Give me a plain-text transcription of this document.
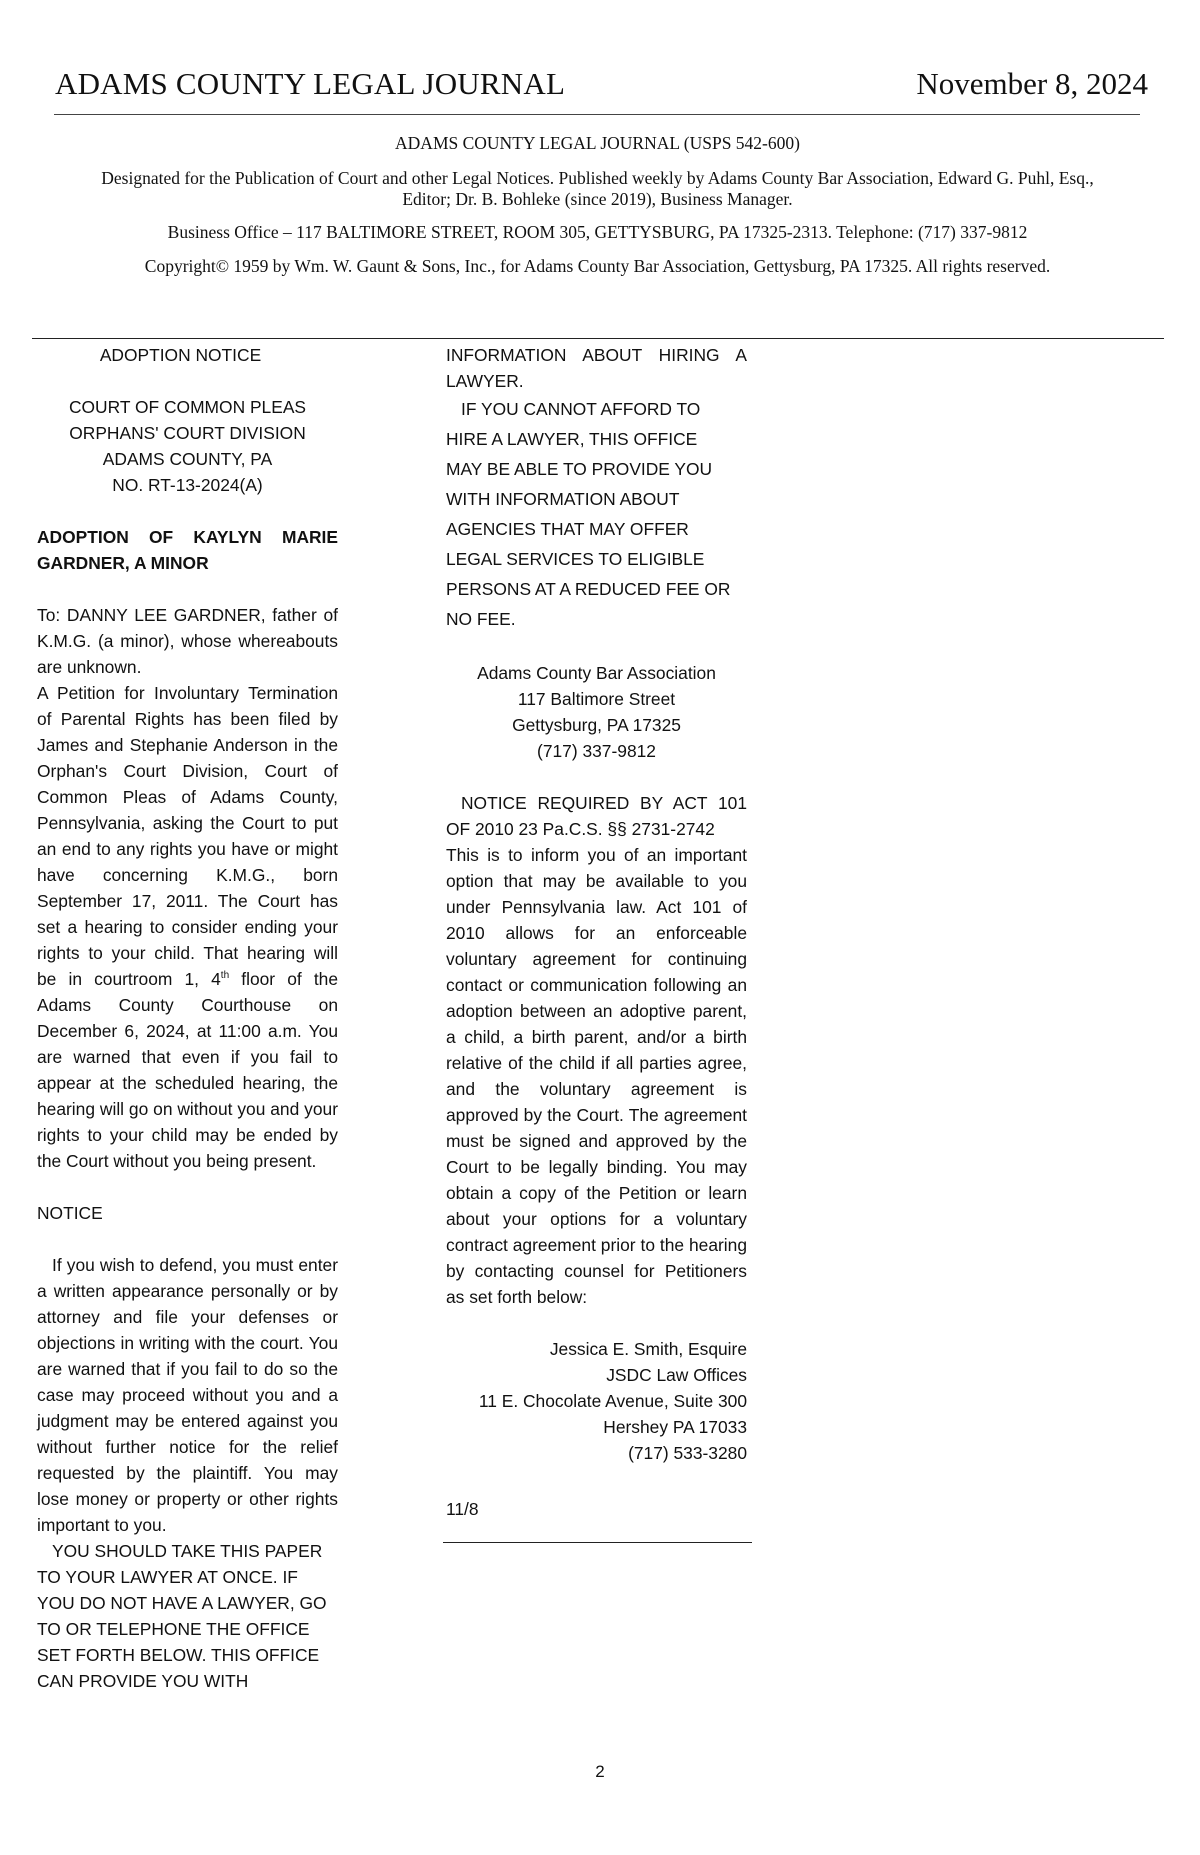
ADAMS COUNTY LEGAL JOURNAL	November 8, 2024
ADAMS COUNTY LEGAL JOURNAL (USPS 542-600)
Designated for the Publication of Court and other Legal Notices. Published weekly by Adams County Bar Association, Edward G. Puhl, Esq., Editor; Dr. B. Bohleke (since 2019), Business Manager.
Business Office – 117 BALTIMORE STREET, ROOM 305, GETTYSBURG, PA 17325-2313. Telephone: (717) 337-9812
Copyright© 1959 by Wm. W. Gaunt & Sons, Inc., for Adams County Bar Association, Gettysburg, PA 17325. All rights reserved.

ADOPTION NOTICE

COURT OF COMMON PLEAS

ORPHANS' COURT DIVISION

ADAMS COUNTY, PA

NO. RT-13-2024(A)

ADOPTION OF KAYLYN MARIE GARDNER, A MINOR

To: DANNY LEE GARDNER, father of K.M.G. (a minor), whose whereabouts are unknown.

A Petition for Involuntary Termination of Parental Rights has been filed by James and Stephanie Anderson in the Orphan's Court Division, Court of Common Pleas of Adams County, Pennsylvania, asking the Court to put an end to any rights you have or might have concerning K.M.G., born September 17, 2011. The Court has set a hearing to consider ending your rights to your child. That hearing will be in courtroom 1, 4th floor of the Adams County Courthouse on December 6, 2024, at 11:00 a.m. You are warned that even if you fail to appear at the scheduled hearing, the hearing will go on without you and your rights to your child may be ended by the Court without you being present.

NOTICE

If you wish to defend, you must enter a written appearance personally or by attorney and file your defenses or objections in writing with the court. You are warned that if you fail to do so the case may proceed without you and a judgment may be entered against you without further notice for the relief requested by the plaintiff. You may lose money or property or other rights important to you.

YOU SHOULD TAKE THIS PAPER

TO YOUR LAWYER AT ONCE. IF

YOU DO NOT HAVE A LAWYER, GO

TO OR TELEPHONE THE OFFICE

SET FORTH BELOW. THIS OFFICE

CAN PROVIDE YOU WITH

INFORMATION ABOUT HIRING A LAWYER.

IF YOU CANNOT AFFORD TO

HIRE A LAWYER, THIS OFFICE

MAY BE ABLE TO PROVIDE YOU

WITH INFORMATION ABOUT

AGENCIES THAT MAY OFFER

LEGAL SERVICES TO ELIGIBLE

PERSONS AT A REDUCED FEE OR

NO FEE.

Adams County Bar Association

117 Baltimore Street

Gettysburg, PA 17325

(717) 337-9812

NOTICE REQUIRED BY ACT 101 OF 2010 23 Pa.C.S. §§ 2731-2742

This is to inform you of an important option that may be available to you under Pennsylvania law. Act 101 of 2010 allows for an enforceable voluntary agreement for continuing contact or communication following an adoption between an adoptive parent, a child, a birth parent, and/or a birth relative of the child if all parties agree, and the voluntary agreement is approved by the Court. The agreement must be signed and approved by the Court to be legally binding. You may obtain a copy of the Petition or learn about your options for a voluntary contract agreement prior to the hearing by contacting counsel for Petitioners as set forth below:

Jessica E. Smith, Esquire

JSDC Law Offices

11 E. Chocolate Avenue, Suite 300

Hershey PA 17033

(717) 533-3280

11/8

2
